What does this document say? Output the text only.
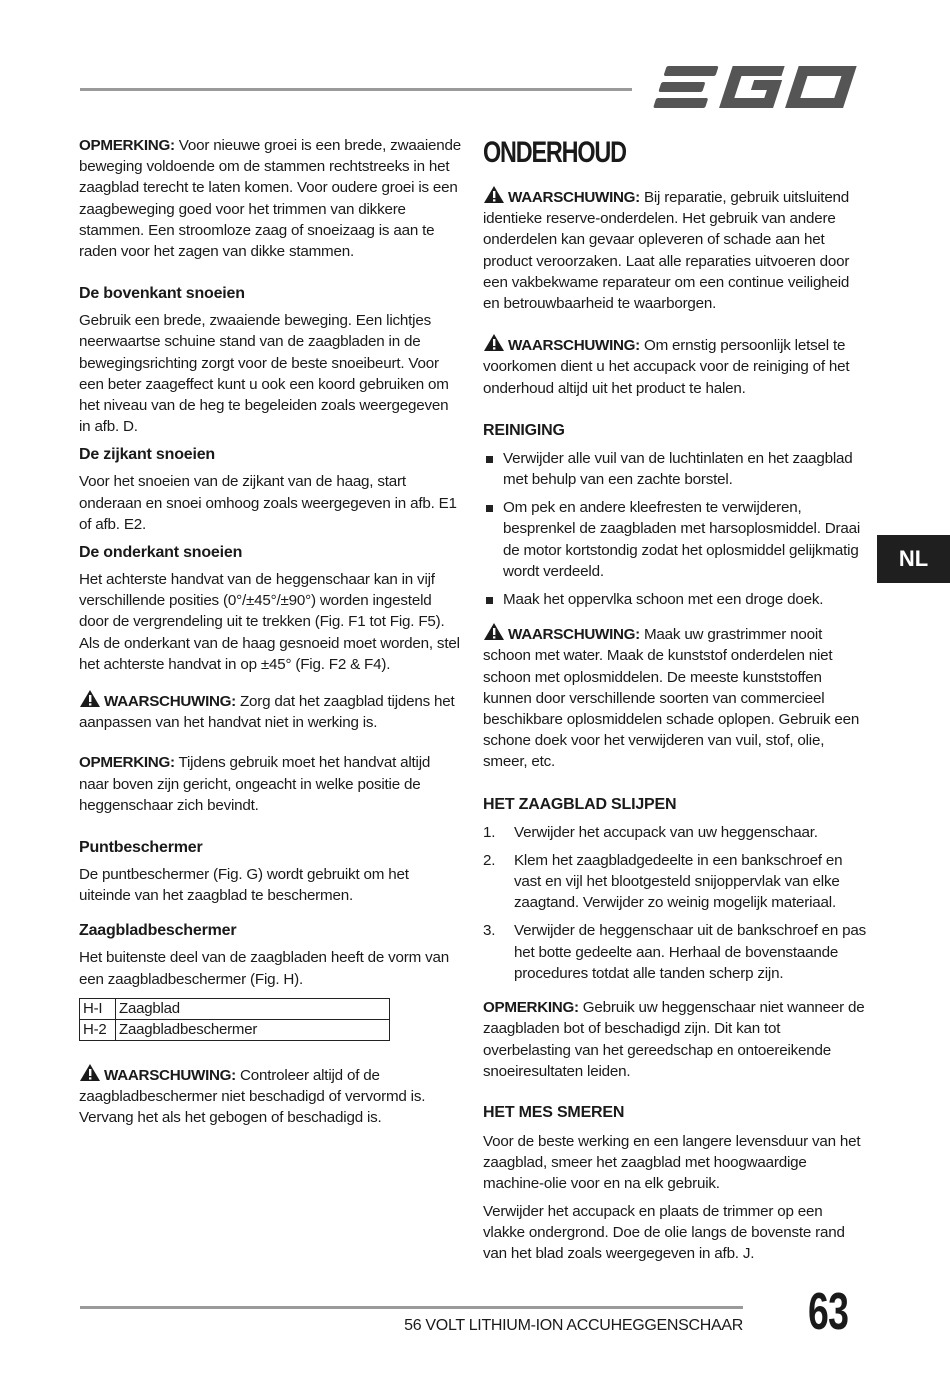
OPMERKING: Voor nieuwe groei is een brede, zwaaiende beweging voldoende om de stammen rechtstreeks in het zaagblad terecht te laten komen. Voor oudere groei is een zaagbeweging goed voor het trimmen van dikkere stammen. Een stroomloze zaag of snoeizaag is aan te raden voor het zagen van dikke stammen.

De bovenkant snoeien

Gebruik een brede, zwaaiende beweging. Een lichtjes neerwaartse schuine stand van de zaagbladen in de bewegingsrichting zorgt voor de beste snoeibeurt. Voor een beter zaageffect kunt u ook een koord gebruiken om het niveau van de heg te begeleiden zoals weergegeven in afb. D.

De zijkant snoeien

Voor het snoeien van de zijkant van de haag, start onderaan en snoei omhoog zoals weergegeven in afb. E1 of afb. E2.

De onderkant snoeien

Het achterste handvat van de heggenschaar kan in vijf verschillende posities (0°/±45°/±90°) worden ingesteld door de vergrendeling uit te trekken (Fig. F1 tot Fig. F5). Als de onderkant van de haag gesnoeid moet worden, stel het achterste handvat in op ±45° (Fig. F2 & F4).

WAARSCHUWING: Zorg dat het zaagblad tijdens het aanpassen van het handvat niet in werking is.

OPMERKING: Tijdens gebruik moet het handvat altijd naar boven zijn gericht, ongeacht in welke positie de heggenschaar zich bevindt.

Puntbeschermer

De puntbeschermer (Fig. G) wordt gebruikt om het uiteinde van het zaagblad te beschermen.

Zaagbladbeschermer

Het buitenste deel van de zaagbladen heeft de vorm van een zaagbladbeschermer (Fig. H).

H-I	Zaagblad
H-2	Zaagbladbeschermer

WAARSCHUWING: Controleer altijd of de zaagbladbeschermer niet beschadigd of vervormd is. Vervang het als het gebogen of beschadigd is.

ONDERHOUD

WAARSCHUWING: Bij reparatie, gebruik uitsluitend identieke reserve-onderdelen. Het gebruik van andere onderdelen kan gevaar opleveren of schade aan het product veroorzaken. Laat alle reparaties uitvoeren door een vakbekwame reparateur om een continue veiligheid en betrouwbaarheid te waarborgen.

WAARSCHUWING: Om ernstig persoonlijk letsel te voorkomen dient u het accupack voor de reiniging of het onderhoud altijd uit het product te halen.

REINIGING
Verwijder alle vuil van de luchtinlaten en het zaagblad met behulp van een zachte borstel.
Om pek en andere kleefresten te verwijderen, besprenkel de zaagbladen met harsoplosmiddel. Draai de motor kortstondig zodat het oplosmiddel gelijkmatig wordt verdeeld.
Maak het oppervlka schoon met een droge doek.

WAARSCHUWING: Maak uw grastrimmer nooit schoon met water. Maak de kunststof onderdelen niet schoon met oplosmiddelen. De meeste kunststoffen kunnen door verschillende soorten van commercieel beschikbare oplosmiddelen schade oplopen. Gebruik een schone doek voor het verwijderen van vuil, stof, olie, smeer, etc.

HET ZAAGBLAD SLIJPEN
1. Verwijder het accupack van uw heggenschaar.
2. Klem het zaagbladgedeelte in een bankschroef en vast en vijl het blootgesteld snijoppervlak van elke zaagtand. Verwijder zo weinig mogelijk materiaal.
3. Verwijder de heggenschaar uit de bankschroef en pas het botte gedeelte aan. Herhaal de bovenstaande procedures totdat alle tanden scherp zijn.

OPMERKING: Gebruik uw heggenschaar niet wanneer de zaagbladen bot of beschadigd zijn. Dit kan tot overbelasting van het gereedschap en ontoereikende snoeiresultaten leiden.

HET MES SMEREN

Voor de beste werking en een langere levensduur van het zaagblad, smeer het zaagblad met hoogwaardige machine-olie voor en na elk gebruik.

Verwijder het accupack en plaats de trimmer op een vlakke ondergrond. Doe de olie langs de bovenste rand van het blad zoals weergegeven in afb. J.

NL
56 VOLT LITHIUM-ION ACCUHEGGENSCHAAR 63
